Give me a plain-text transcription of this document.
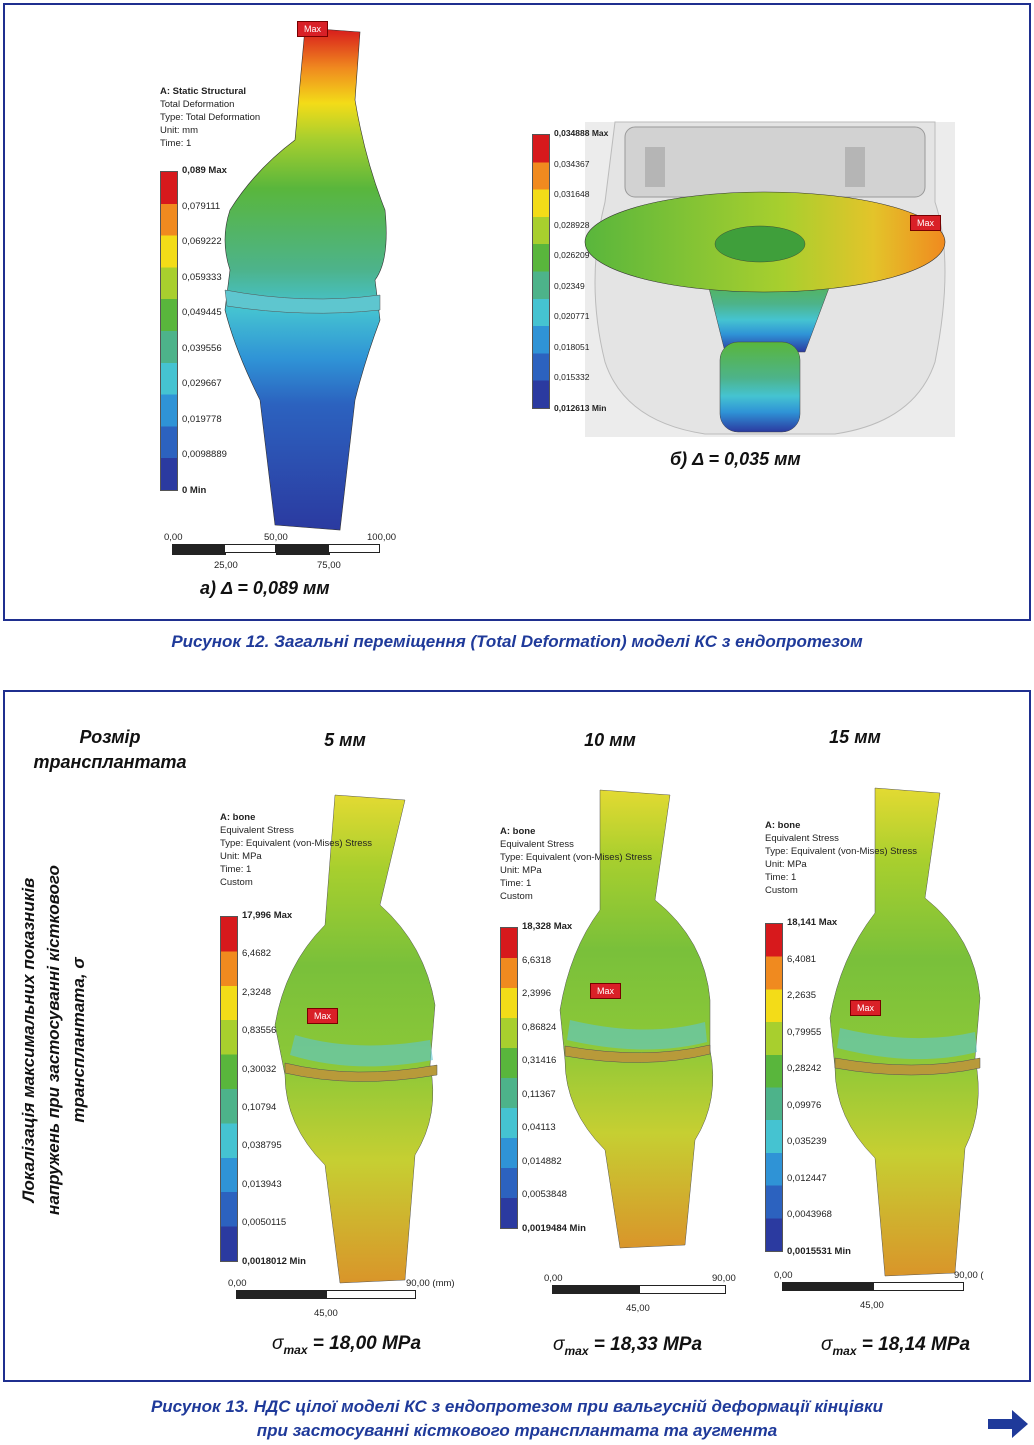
Max
A: Static Structural
Total Deformation
Type: Total Deformation
Unit: mm
Time: 1
0,089 Max
0,079111
0,069222
0,059333
0,049445
0,039556
0,029667
0,019778
0,0098889
0 Min
0,00	50,00	100,00
25,00	75,00
а) Δ = 0,089 мм
Max
0,034888 Max
0,034367
0,031648
0,028928
0,026209
0,02349
0,020771
0,018051
0,015332
0,012613 Min
б) Δ = 0,035 мм
Рисунок 12. Загальні переміщення (Total Deformation) моделі КС з ендопротезом
Розмір трансплантата
Локалізація максимальних показників напружень при застосуванні кісткового трансплантата, σ
5 мм	10 мм	15 мм
Max
Max
Max
A: bone
Equivalent Stress
Type: Equivalent (von-Mises) Stress
Unit: MPa
Time: 1
Custom
A: bone
Equivalent Stress
Type: Equivalent (von-Mises) Stress
Unit: MPa
Time: 1
Custom
A: bone
Equivalent Stress
Type: Equivalent (von-Mises) Stress
Unit: MPa
Time: 1
Custom
17,996 Max
6,4682
2,3248
0,83556
0,30032
0,10794
0,038795
0,013943
0,0050115
0,0018012 Min
18,328 Max
6,6318
2,3996
0,86824
0,31416
0,11367
0,04113
0,014882
0,0053848
0,0019484 Min
18,141 Max
6,4081
2,2635
0,79955
0,28242
0,09976
0,035239
0,012447
0,0043968
0,0015531 Min
0,00	90,00 (mm)
45,00
0,00	90,00
45,00
0,00	90,00 (
45,00
$\sigma_{max} = 18,00$ MPa	$\sigma_{max} = 18,33$ MPa	$\sigma_{max} = 18,14$ MPa
Рисунок 13. НДС цілої моделі КС з ендопротезом при вальгусній деформації кінцівки
при застосуванні кісткового трансплантата та аугмента
